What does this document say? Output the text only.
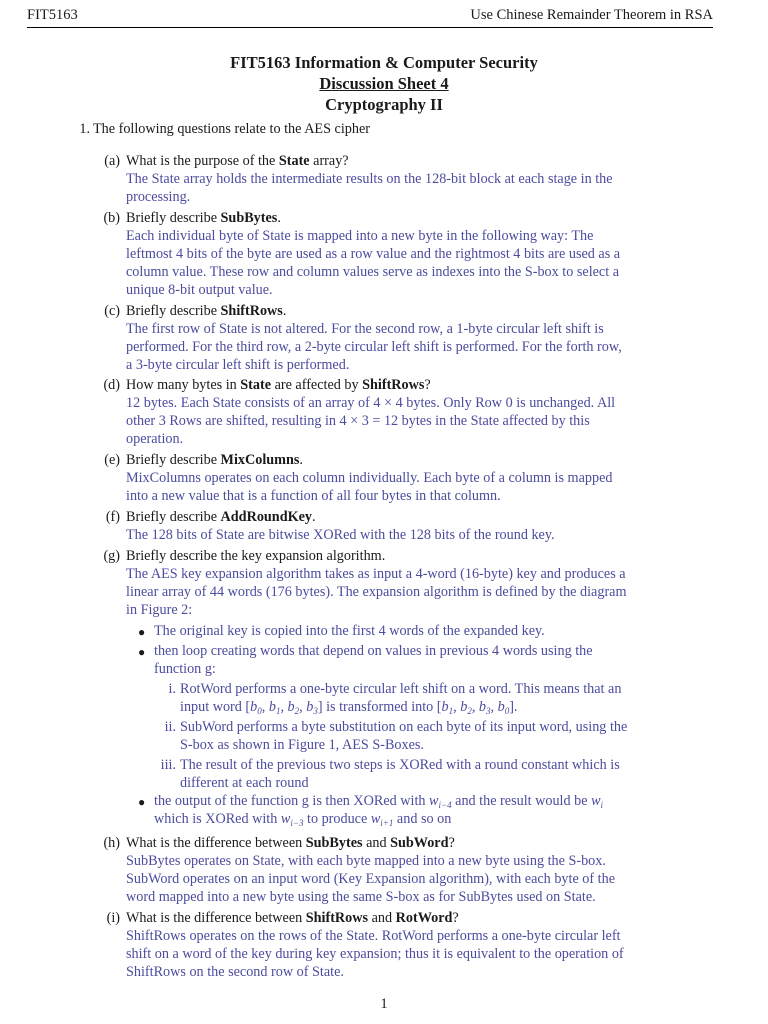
FIT5163	Use Chinese Remainder Theorem in RSA
FIT5163 Information & Computer Security
Discussion Sheet 4
Cryptography II
1. The following questions relate to the AES cipher
(a) What is the purpose of the State array?
The State array holds the intermediate results on the 128-bit block at each stage in the
processing.
(b) Briefly describe SubBytes.
Each individual byte of State is mapped into a new byte in the following way: The
leftmost 4 bits of the byte are used as a row value and the rightmost 4 bits are used as a
column value. These row and column values serve as indexes into the S-box to select a
unique 8-bit output value.
(c) Briefly describe ShiftRows.
The first row of State is not altered. For the second row, a 1-byte circular left shift is
performed. For the third row, a 2-byte circular left shift is performed. For the forth row,
a 3-byte circular left shift is performed.
(d) How many bytes in State are affected by ShiftRows?
12 bytes. Each State consists of an array of 4 × 4 bytes. Only Row 0 is unchanged. All
other 3 Rows are shifted, resulting in 4 × 3 = 12 bytes in the State affected by this
operation.
(e) Briefly describe MixColumns.
MixColumns operates on each column individually. Each byte of a column is mapped
into a new value that is a function of all four bytes in that column.
(f) Briefly describe AddRoundKey.
The 128 bits of State are bitwise XORed with the 128 bits of the round key.
(g) Briefly describe the key expansion algorithm.
The AES key expansion algorithm takes as input a 4-word (16-byte) key and produces a
linear array of 44 words (176 bytes). The expansion algorithm is defined by the diagram
in Figure 2:
● The original key is copied into the first 4 words of the expanded key.
● then loop creating words that depend on values in previous 4 words using the
function g:
i. RotWord performs a one-byte circular left shift on a word. This means that an
input word [$b_0$, $b_1$, $b_2$, $b_3$] is transformed into [$b_1$, $b_2$, $b_3$, $b_0$].
ii. SubWord performs a byte substitution on each byte of its input word, using the
S-box as shown in Figure 1, AES S-Boxes.
iii. The result of the previous two steps is XORed with a round constant which is
different at each round
● the output of the function g is then XORed with $w_{i-4}$ and the result would be $w_i$
which is XORed with $w_{i-3}$ to produce $w_{i+1}$ and so on
(h) What is the difference between SubBytes and SubWord?
SubBytes operates on State, with each byte mapped into a new byte using the S-box.
SubWord operates on an input word (Key Expansion algorithm), with each byte of the
word mapped into a new byte using the same S-box as for SubBytes used on State.
(i) What is the difference between ShiftRows and RotWord?
ShiftRows operates on the rows of the State. RotWord performs a one-byte circular left
shift on a word of the key during key expansion; thus it is equivalent to the operation of
ShiftRows on the second row of State.
1
